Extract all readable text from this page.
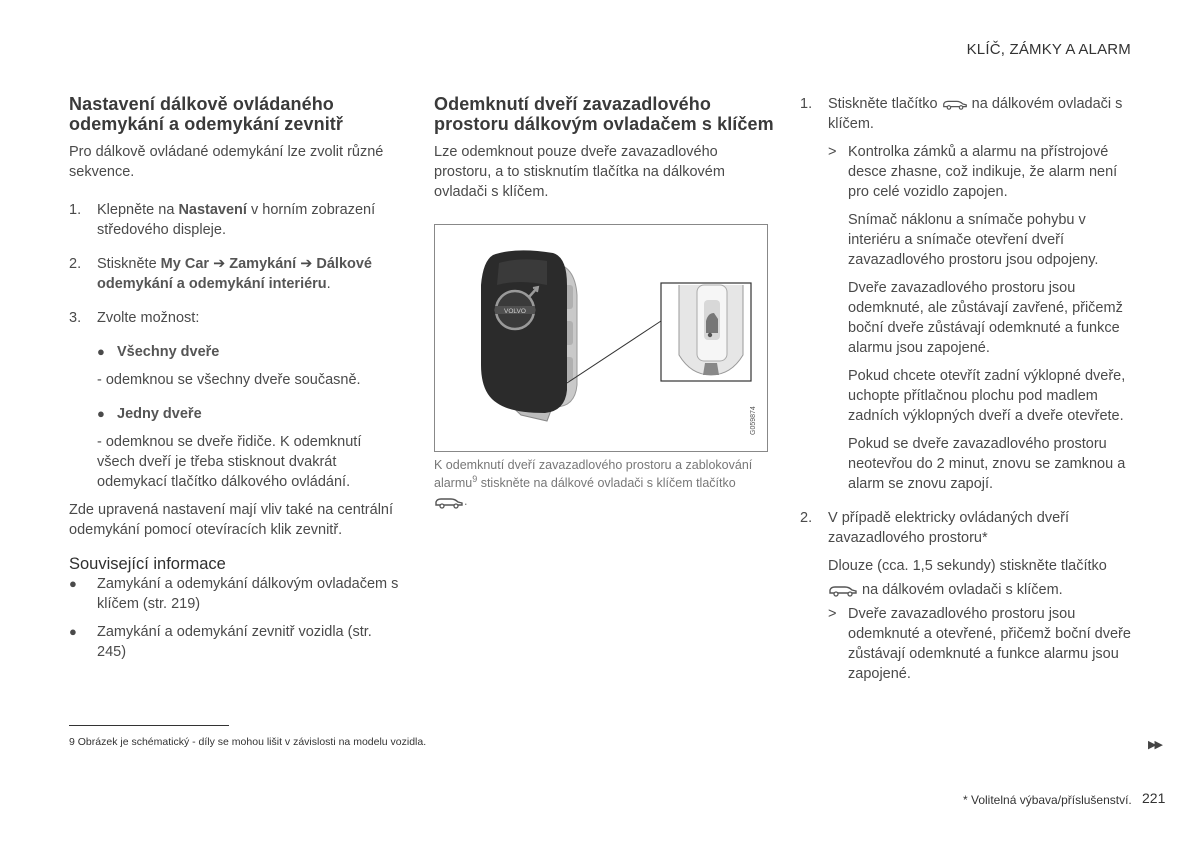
KLÍČ, ZÁMKY A ALARM
Nastavení dálkově ovládaného odemykání a odemykání zevnitř

Pro dálkově ovládané odemykání lze zvolit různé sekvence.

1. Klepněte na Nastavení v horním zobrazení středového displeje.
2. Stiskněte My Car ➔ Zamykání ➔ Dálkové odemykání a odemykání interiéru.
3. Zvolte možnost:
● Všechny dveře

- odemknou se všechny dveře současně.

● Jedny dveře

- odemknou se dveře řidiče. K odemknutí všech dveří je třeba stisknout dvakrát odemykací tlačítko dálkového ovládání.

Zde upravená nastavení mají vliv také na centrální odemykání pomocí otevíracích klik zevnitř.

Související informace
● Zamykání a odemykání dálkovým ovladačem s klíčem (str. 219)
● Zamykání a odemykání zevnitř vozidla (str. 245)
Odemknutí dveří zavazadlového prostoru dálkovým ovladačem s klíčem

Lze odemknout pouze dveře zavazadlového prostoru, a to stisknutím tlačítka na dálkovém ovladači s klíčem.

VOLVO
G059874
K odemknutí dveří zavazadlového prostoru a zablokování alarmu$^9$ stiskněte na dálkové ovladači s klíčem tlačítko
.
1. Stiskněte tlačítko  na dálkovém ovladači s klíčem.
> Kontrolka zámků a alarmu na přístrojové desce zhasne, což indikuje, že alarm není pro celé vozidlo zapojen.

Snímač náklonu a snímače pohybu v interiéru a snímače otevření dveří zavazadlového prostoru jsou odpojeny.

Dveře zavazadlového prostoru jsou odemknuté, ale zůstávají zavřené, přičemž boční dveře zůstávají odemknuté a funkce alarmu jsou zapojené.

Pokud chcete otevřít zadní výklopné dveře, uchopte přítlačnou plochu pod madlem zadních výklopných dveří a dveře otevřete.

Pokud se dveře zavazadlového prostoru neotevřou do 2 minut, znovu se zamknou a alarm se znovu zapojí.

2. V případě elektricky ovládaných dveří zavazadlového prostoru*

Dlouze (cca. 1,5 sekundy) stiskněte tlačítko

na dálkovém ovladači s klíčem.

> Dveře zavazadlového prostoru jsou odemknuté a otevřené, přičemž boční dveře zůstávají odemknuté a funkce alarmu jsou zapojené.
9 Obrázek je schématický - díly se mohou lišit v závislosti na modelu vozidla.	▶▶
* Volitelná výbava/příslušenství. 221
